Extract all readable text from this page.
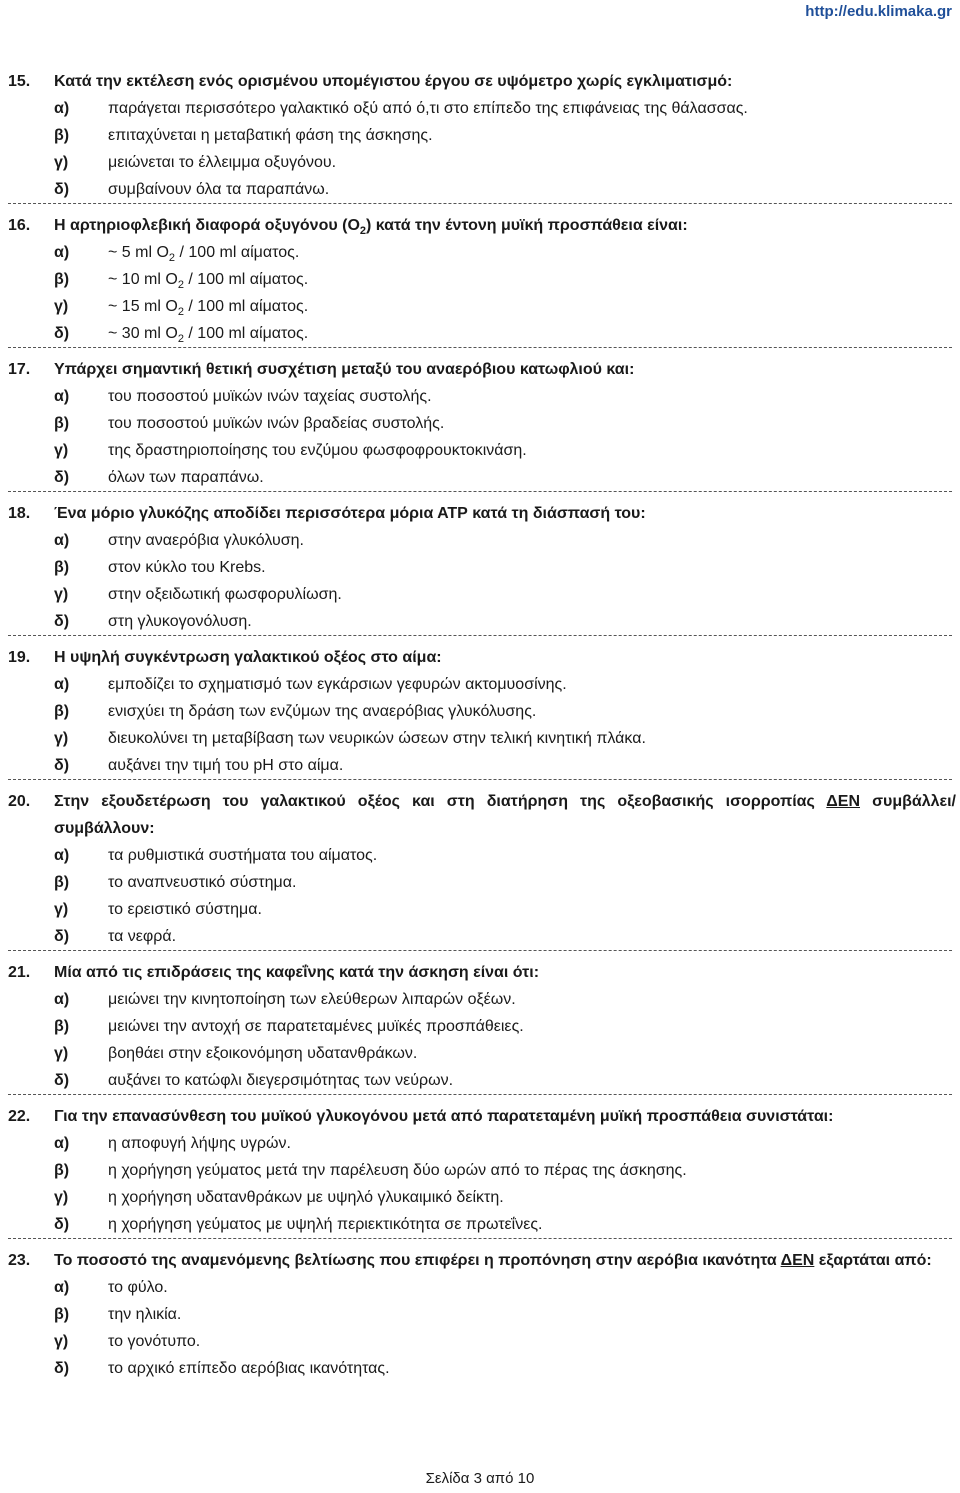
http://edu.klimaka.gr
15.	Κατά την εκτέλεση ενός ορισμένου υπομέγιστου έργου σε υψόμετρο χωρίς εγκλιματισμό:
α)	παράγεται περισσότερο γαλακτικό οξύ από ό,τι στο επίπεδο της επιφάνειας της θάλασσας.
β)	επιταχύνεται η μεταβατική φάση της άσκησης.
γ)	μειώνεται το έλλειμμα οξυγόνου.
δ)	συμβαίνουν όλα τα παραπάνω.
16.	Η αρτηριοφλεβική διαφορά οξυγόνου $(O_2)$ κατά την έντονη μυϊκή προσπάθεια είναι:
α)	~ 5 ml $O_2 / 100$ ml αίματος.
β)	~ 10 ml $O_2 / 100$ ml αίματος.
γ)	~ 15 ml $O_2 / 100$ ml αίματος.
δ)	~ 30 ml $O_2 / 100$ ml αίματος.
17.	Υπάρχει σημαντική θετική συσχέτιση μεταξύ του αναερόβιου κατωφλιού και:
α)	του ποσοστού μυϊκών ινών ταχείας συστολής.
β)	του ποσοστού μυϊκών ινών βραδείας συστολής.
γ)	της δραστηριοποίησης του ενζύμου φωσφοφρουκτοκινάση.
δ)	όλων των παραπάνω.
18.	Ένα μόριο γλυκόζης αποδίδει περισσότερα μόρια ΑΤΡ κατά τη διάσπασή του:
α)	στην αναερόβια γλυκόλυση.
β)	στον κύκλο του Krebs.
γ)	στην οξειδωτική φωσφορυλίωση.
δ)	στη γλυκογονόλυση.
19.	Η υψηλή συγκέντρωση γαλακτικού οξέος στο αίμα:
α)	εμποδίζει το σχηματισμό των εγκάρσιων γεφυρών ακτομυοσίνης.
β)	ενισχύει τη δράση των ενζύμων της αναερόβιας γλυκόλυσης.
γ)	διευκολύνει τη μεταβίβαση των νευρικών ώσεων στην τελική κινητική πλάκα.
δ)	αυξάνει την τιμή του pH στο αίμα.
20.	Στην εξουδετέρωση του γαλακτικού οξέος και στη διατήρηση της οξεοβασικής ισορροπίας ΔΕΝ συμβάλλει/συμβάλλουν:
α)	τα ρυθμιστικά συστήματα του αίματος.
β)	το αναπνευστικό σύστημα.
γ)	το ερειστικό σύστημα.
δ)	τα νεφρά.
21.	Μία από τις επιδράσεις της καφεΐνης κατά την άσκηση είναι ότι:
α)	μειώνει την κινητοποίηση των ελεύθερων λιπαρών οξέων.
β)	μειώνει την αντοχή σε παρατεταμένες μυϊκές προσπάθειες.
γ)	βοηθάει στην εξοικονόμηση υδατανθράκων.
δ)	αυξάνει το κατώφλι διεγερσιμότητας των νεύρων.
22.	Για την επανασύνθεση του μυϊκού γλυκογόνου μετά από παρατεταμένη μυϊκή προσπάθεια συνιστάται:
α)	η αποφυγή λήψης υγρών.
β)	η χορήγηση γεύματος μετά την παρέλευση δύο ωρών από το πέρας της άσκησης.
γ)	η χορήγηση υδατανθράκων με υψηλό γλυκαιμικό δείκτη.
δ)	η χορήγηση γεύματος με υψηλή περιεκτικότητα σε πρωτεΐνες.
23.	Το ποσοστό της αναμενόμενης βελτίωσης που επιφέρει η προπόνηση στην αερόβια ικανότητα ΔΕΝ εξαρτάται από:
α)	το φύλο.
β)	την ηλικία.
γ)	το γονότυπο.
δ)	το αρχικό επίπεδο αερόβιας ικανότητας.
Σελίδα 3 από 10
